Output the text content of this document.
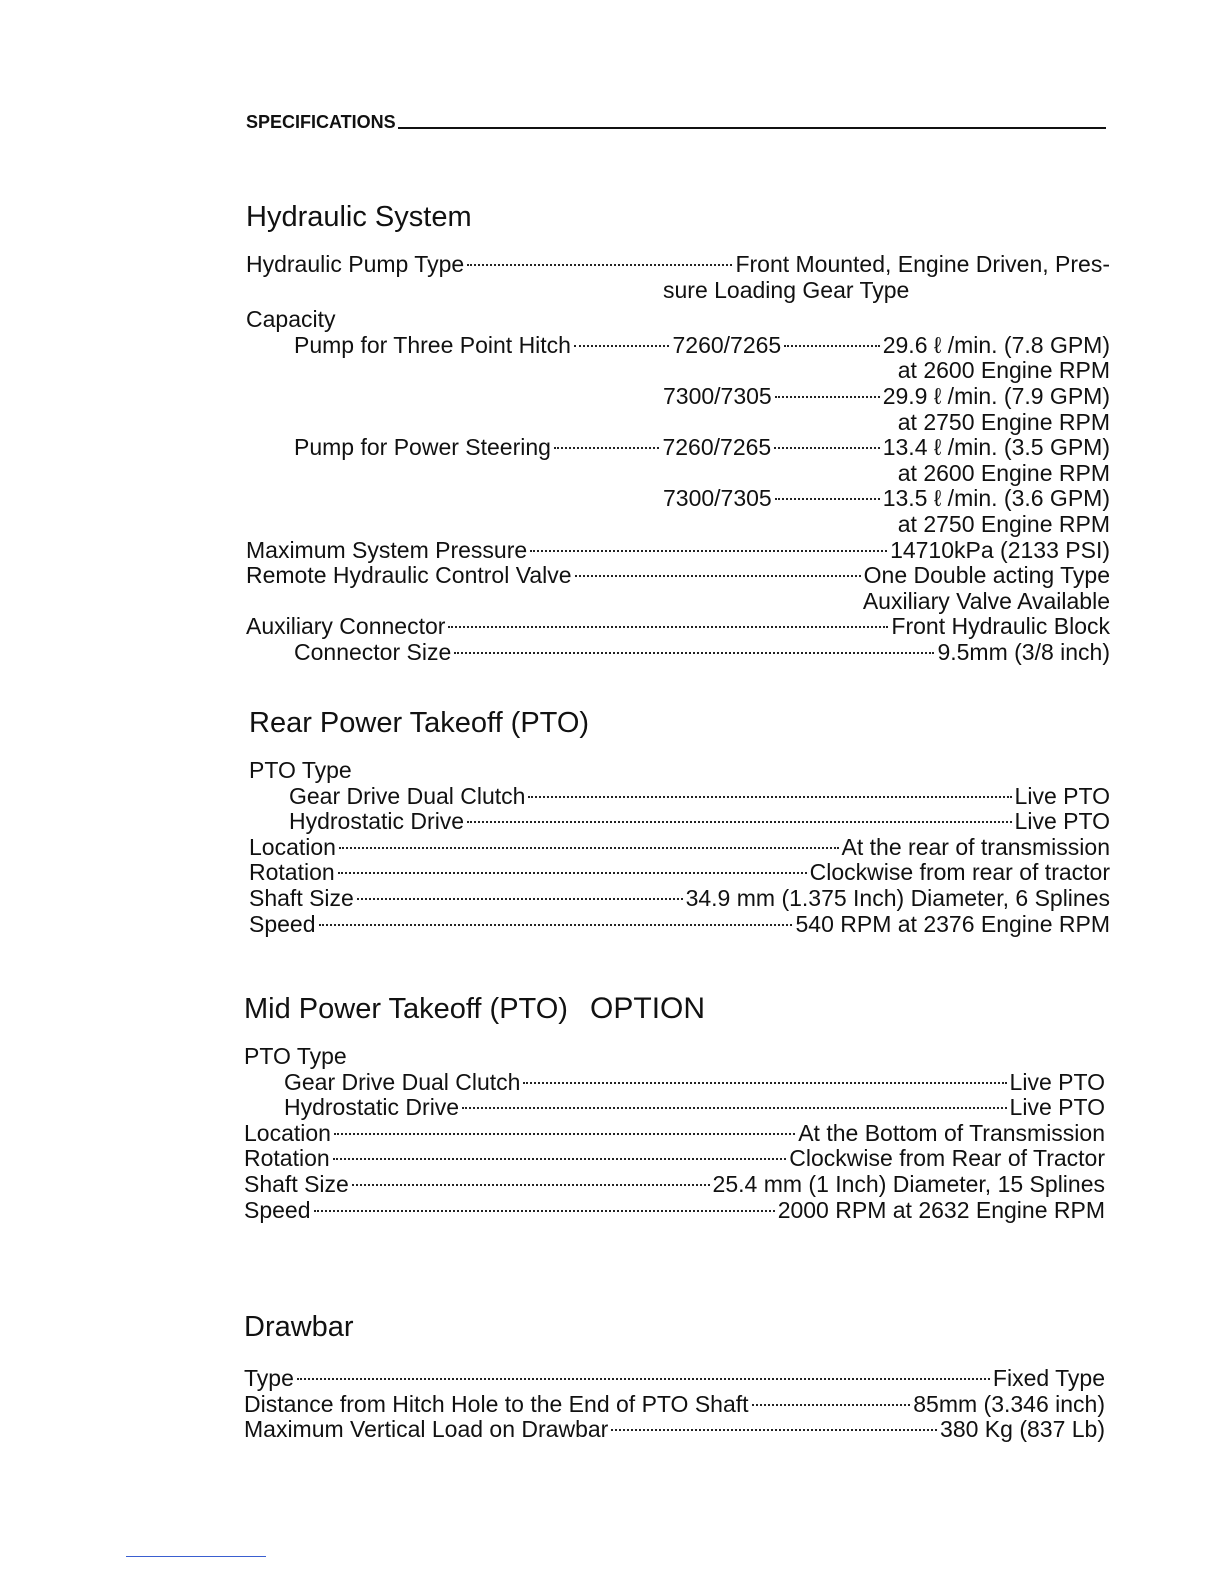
SPECIFICATIONS
Hydraulic System
Hydraulic Pump Type	Front Mounted, Engine Driven, Pres-
sure Loading Gear Type
Capacity
Pump for Three Point Hitch	7260/7265	29.6 ℓ /min. (7.8 GPM)
at 2600 Engine RPM
7300/7305	29.9 ℓ /min. (7.9 GPM)
at 2750 Engine RPM
Pump for Power Steering	7260/7265	13.4 ℓ /min. (3.5 GPM)
at 2600 Engine RPM
7300/7305	13.5 ℓ /min. (3.6 GPM)
at 2750 Engine RPM
Maximum System Pressure	14710kPa (2133 PSI)
Remote Hydraulic Control Valve	One Double acting Type
Auxiliary Valve Available
Auxiliary Connector	Front Hydraulic Block
Connector Size	9.5mm (3/8 inch)
Rear Power Takeoff (PTO)
PTO Type
Gear Drive Dual Clutch	Live PTO
Hydrostatic Drive	Live PTO
Location	At the rear of transmission
Rotation	Clockwise from rear of tractor
Shaft Size	34.9 mm (1.375 Inch) Diameter, 6 Splines
Speed	540 RPM at 2376 Engine RPM
Mid Power Takeoff (PTO) OPTION
PTO Type
Gear Drive Dual Clutch	Live PTO
Hydrostatic Drive	Live PTO
Location	At the Bottom of Transmission
Rotation	Clockwise from Rear of Tractor
Shaft Size	25.4 mm (1 Inch) Diameter, 15 Splines
Speed	2000 RPM at 2632 Engine RPM
Drawbar
Type	Fixed Type
Distance from Hitch Hole to the End of PTO Shaft	85mm (3.346 inch)
Maximum Vertical Load on Drawbar	380 Kg (837 Lb)
